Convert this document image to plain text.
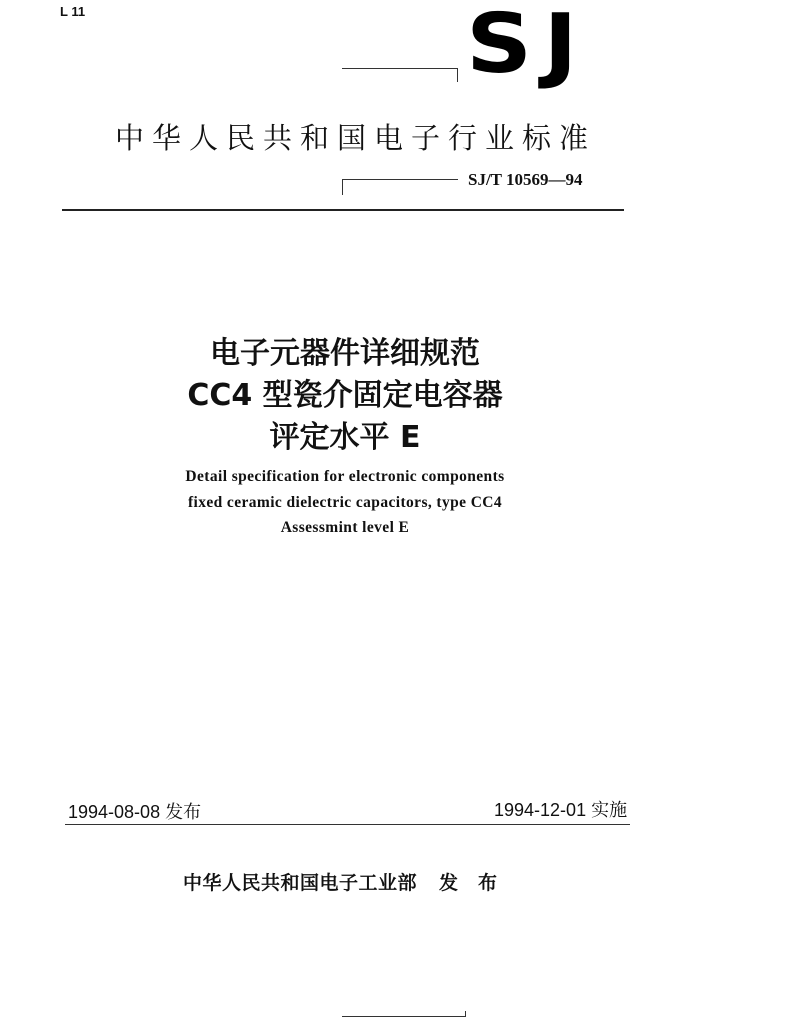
L 11	SJ
中华人民共和国电子行业标准
SJ/T 10569—94
电子元器件详细规范
CC4 型瓷介固定电容器
评定水平 E
Detail specification for electronic components
fixed ceramic dielectric capacitors, type CC4
Assessmint level E
1994-08-08 发布	1994-12-01 实施
中华人民共和国电子工业部 发布
